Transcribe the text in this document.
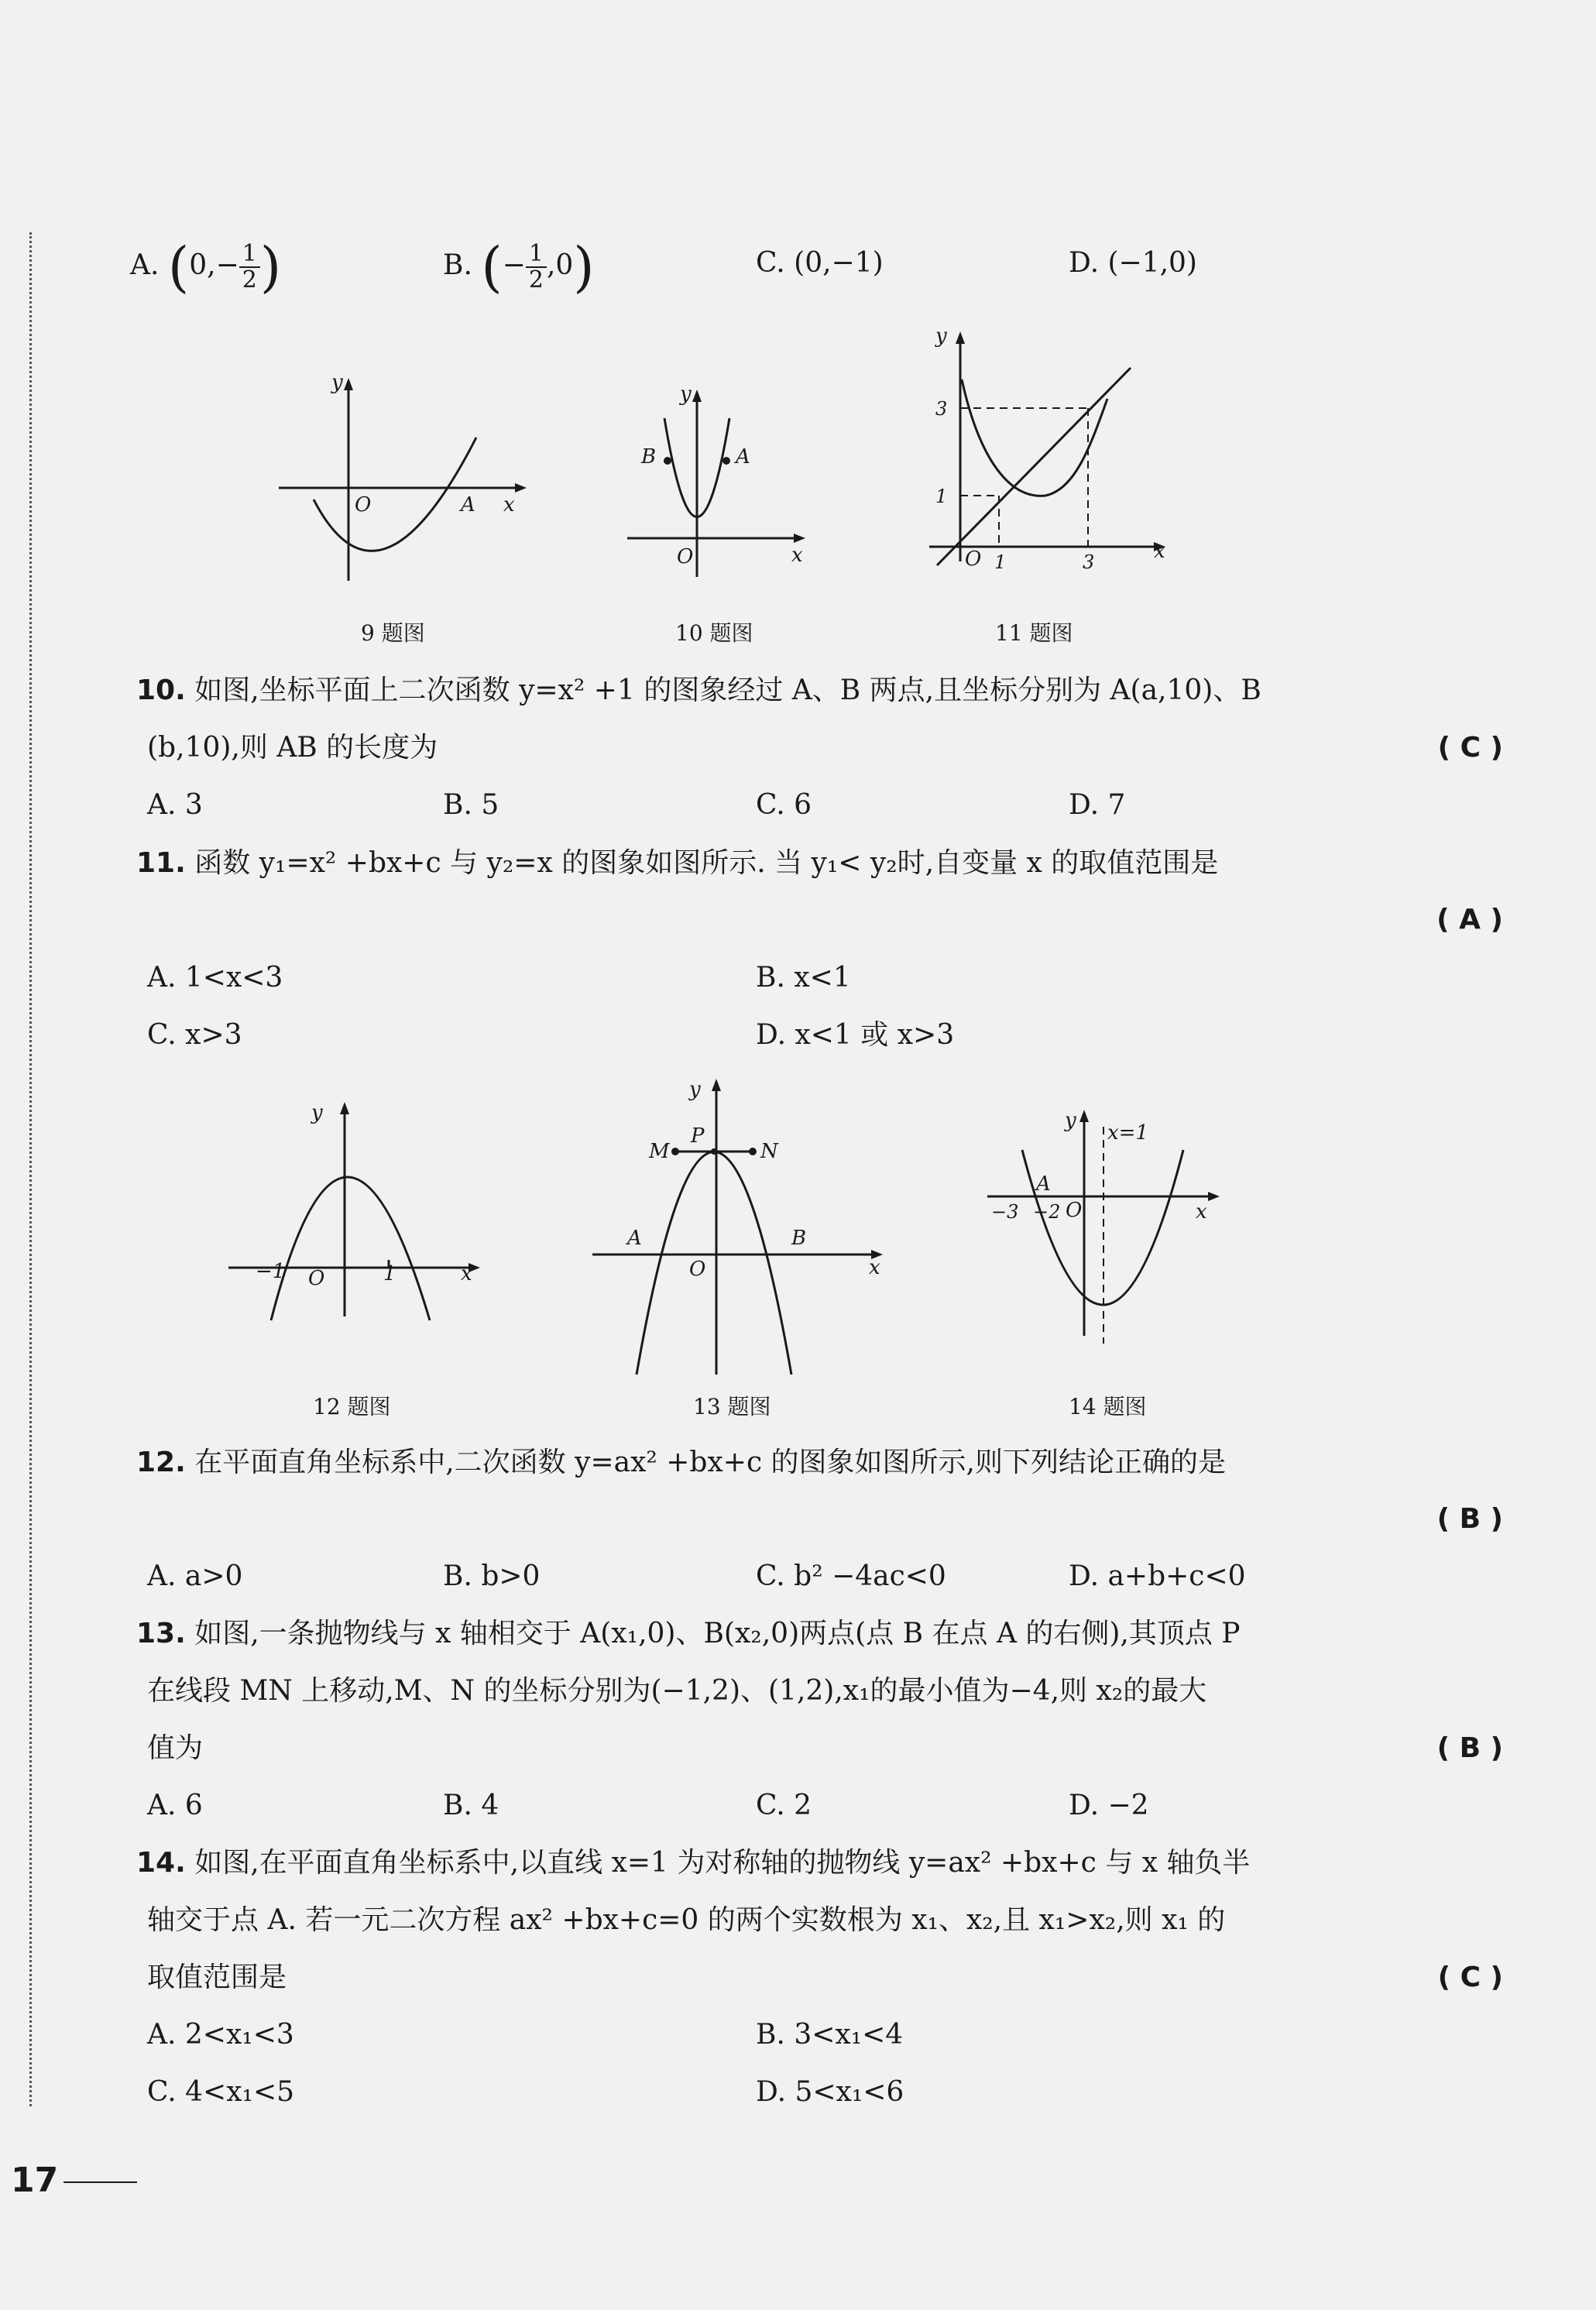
A. ($0,- \frac{1}{2}$ )	B. (− $\frac{1}{2} ,0$)	C. (0,−1)	D. (−1,0)
y
O	A x
9 题图
y
B	A
O	x
10 题图
y
3
1
O 1	3	x
11 题图
10. 如图,坐标平面上二次函数 y=x² +1 的图象经过 A、B 两点,且坐标分别为 A(a,10)、B
(b,10),则 AB 的长度为	( C )
A. 3	B. 5	C. 6	D. 7
11. 函数 y₁=x² +bx+c 与 y₂=x 的图象如图所示. 当 y₁< y₂时,自变量 x 的取值范围是
( A )
A. 1<x<3	B. x<1
C. x>3	D. x<1 或 x>3
y
−1 O	1	x
12 题图
y
P
M	N
A	B
O	x
13 题图
y
x=1
A
−3 −2 O	x
14 题图
12. 在平面直角坐标系中,二次函数 y=ax² +bx+c 的图象如图所示,则下列结论正确的是
( B )
A. a>0	B. b>0	C. b² −4ac<0	D. a+b+c<0
13. 如图,一条抛物线与 x 轴相交于 A(x₁,0)、B(x₂,0)两点(点 B 在点 A 的右侧),其顶点 P
在线段 MN 上移动,M、N 的坐标分别为(−1,2)、(1,2),x₁的最小值为−4,则 x₂的最大
值为	( B )
A. 6	B. 4	C. 2	D. −2
14. 如图,在平面直角坐标系中,以直线 x=1 为对称轴的抛物线 y=ax² +bx+c 与 x 轴负半
轴交于点 A. 若一元二次方程 ax² +bx+c=0 的两个实数根为 x₁、x₂,且 x₁>x₂,则 x₁ 的
取值范围是	( C )
A. 2<x₁<3	B. 3<x₁<4
C. 4<x₁<5	D. 5<x₁<6
17
